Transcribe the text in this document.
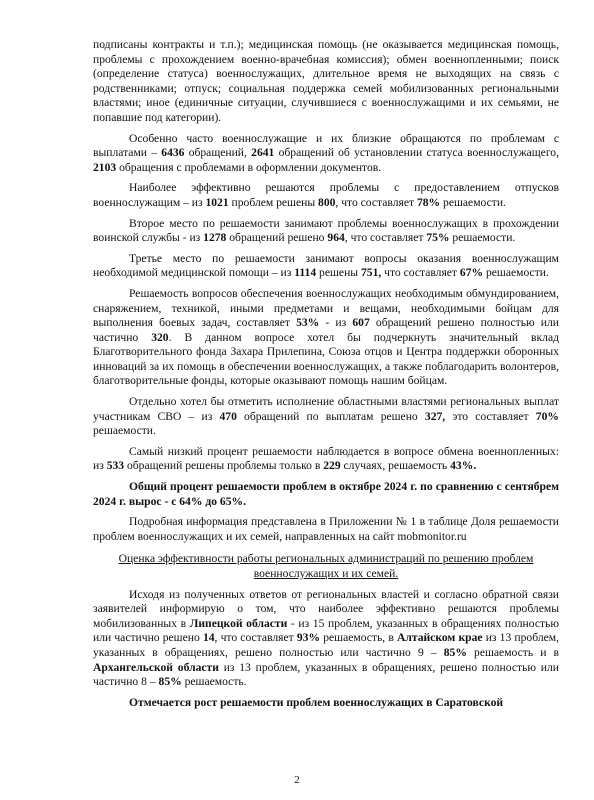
подписаны контракты и т.п.); медицинская помощь (не оказывается медицинская помощь, проблемы с прохождением военно-врачебная комиссия); обмен военнопленными; поиск (определение статуса) военнослужащих, длительное время не выходящих на связь с родственниками; отпуск; социальная поддержка семей мобилизованных региональными властями; иное (единичные ситуации, случившиеся с военнослужащими и их семьями, не попавшие под категории).

Особенно часто военнослужащие и их близкие обращаются по проблемам с выплатами – 6436 обращений, 2641 обращений об установлении статуса военнослужащего, 2103 обращения с проблемами в оформлении документов.

Наиболее эффективно решаются проблемы с предоставлением отпусков военнослужащим – из 1021 проблем решены 800, что составляет 78% решаемости.

Второе место по решаемости занимают проблемы военнослужащих в прохождении воинской службы - из 1278 обращений решено 964, что составляет 75% решаемости.

Третье место по решаемости занимают вопросы оказания военнослужащим необходимой медицинской помощи – из 1114 решены 751, что составляет 67% решаемости.

Решаемость вопросов обеспечения военнослужащих необходимым обмундированием, снаряжением, техникой, иными предметами и вещами, необходимыми бойцам для выполнения боевых задач, составляет 53% - из 607 обращений решено полностью или частично 320. В данном вопросе хотел бы подчеркнуть значительный вклад Благотворительного фонда Захара Прилепина, Союза отцов и Центра поддержки оборонных инноваций за их помощь в обеспечении военнослужащих, а также поблагодарить волонтеров, благотворительные фонды, которые оказывают помощь нашим бойцам.

Отдельно хотел бы отметить исполнение областными властями региональных выплат участникам СВО – из 470 обращений по выплатам решено 327, это составляет 70% решаемости.

Самый низкий процент решаемости наблюдается в вопросе обмена военнопленных: из 533 обращений решены проблемы только в 229 случаях, решаемость 43%.

Общий процент решаемости проблем в октябре 2024 г. по сравнению с сентябрем 2024 г. вырос - с 64% до 65%.

Подробная информация представлена в Приложении № 1 в таблице Доля решаемости проблем военнослужащих и их семей, направленных на сайт mobmonitor.ru

Оценка эффективности работы региональных администраций по решению проблем военнослужащих и их семей.

Исходя из полученных ответов от региональных властей и согласно обратной связи заявителей информирую о том, что наиболее эффективно решаются проблемы мобилизованных в Липецкой области - из 15 проблем, указанных в обращениях полностью или частично решено 14, что составляет 93% решаемость, в Алтайском крае из 13 проблем, указанных в обращениях, решено полностью или частично 9 – 85% решаемость и в Архангельской области из 13 проблем, указанных в обращениях, решено полностью или частично 8 – 85% решаемость.

Отмечается рост решаемости проблем военнослужащих в Саратовской

2
